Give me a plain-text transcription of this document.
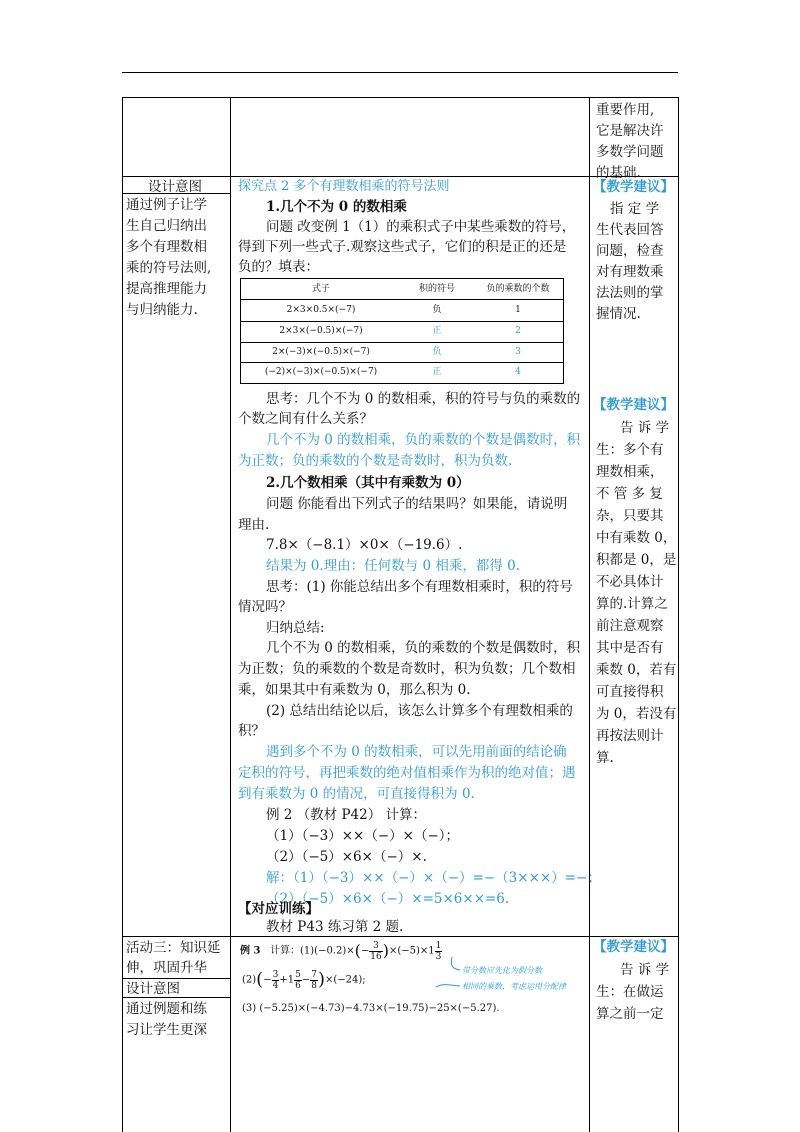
重要作用,
它是解决许
多数学问题
的基础.
设计意图
通过例子让学
生自己归纳出
多个有理数相
乘的符号法则,
提高推理能力
与归纳能力.
探究点 2 多个有理数相乘的符号法则
1.几个不为 0 的数相乘
问题 改变例 1（1）的乘积式子中某些乘数的符号，
得到下列一些式子.观察这些式子，它们的积是正的还是
负的？填表：
式子	积的符号	负的乘数的个数
2×3×0.5×(−7)	负	1
2×3×(−0.5)×(−7)	正	2
2×(−3)×(−0.5)×(−7)	负	3
(−2)×(−3)×(−0.5)×(−7)	正	4
思考：几个不为 0 的数相乘，积的符号与负的乘数的
个数之间有什么关系？
几个不为 0 的数相乘，负的乘数的个数是偶数时，积
为正数；负的乘数的个数是奇数时，积为负数.
2.几个数相乘（其中有乘数为 0）
问题 你能看出下列式子的结果吗？如果能，请说明
理由.
7.8×（−8.1）×0×（−19.6）.
结果为 0.理由：任何数与 0 相乘，都得 0.
思考：(1) 你能总结出多个有理数相乘时，积的符号
情况吗？
归纳总结:
几个不为 0 的数相乘，负的乘数的个数是偶数时，积
为正数；负的乘数的个数是奇数时，积为负数；几个数相
乘，如果其中有乘数为 0，那么积为 0.
(2) 总结出结论以后，该怎么计算多个有理数相乘的
积？
遇到多个不为 0 的数相乘，可以先用前面的结论确
定积的符号，再把乘数的绝对值相乘作为积的绝对值；遇
到有乘数为 0 的情况，可直接得积为 0.
例 2 （教材 P42） 计算：
（1）（−3）××（−）×（−）；
（2）（−5）×6×（−）×.
解：（1）（−3）××（−）×（−）=−（3×××）=−；
（2）（−5）×6×（−）×=5×6××=6.
【对应训练】
教材 P43 练习第 2 题.
【教学建议】
指 定 学
生代表回答
问题，检查
对有理数乘
法法则的掌
握情况.
【教学建议】
告 诉 学
生：多个有
理数相乘，
不 管 多 复
杂，只要其
中有乘数 0，
积都是 0，是
不必具体计
算的.计算之
前注意观察
其中是否有
乘数 0，若有
可直接得积
为 0，若没有
再按法则计
算.
活动三：知识延
伸，巩固升华
设计意图
通过例题和练
习让学生更深
例 3 计算：$(1)(-0.2)\times(- \frac{3}{16} )\times(-5)\times 1 \frac{1}{3}$
$(2)(- \frac{3}{4} +1 \frac{5}{6} - \frac{7}{8} )\times(-24)$;
(3) (−5.25)×(−4.73)−4.73×(−19.75)−25×(−5.27).
带分数应先化为假分数
相同的乘数，考虑运用分配律
【教学建议】
告 诉 学
生：在做运
算之前一定
